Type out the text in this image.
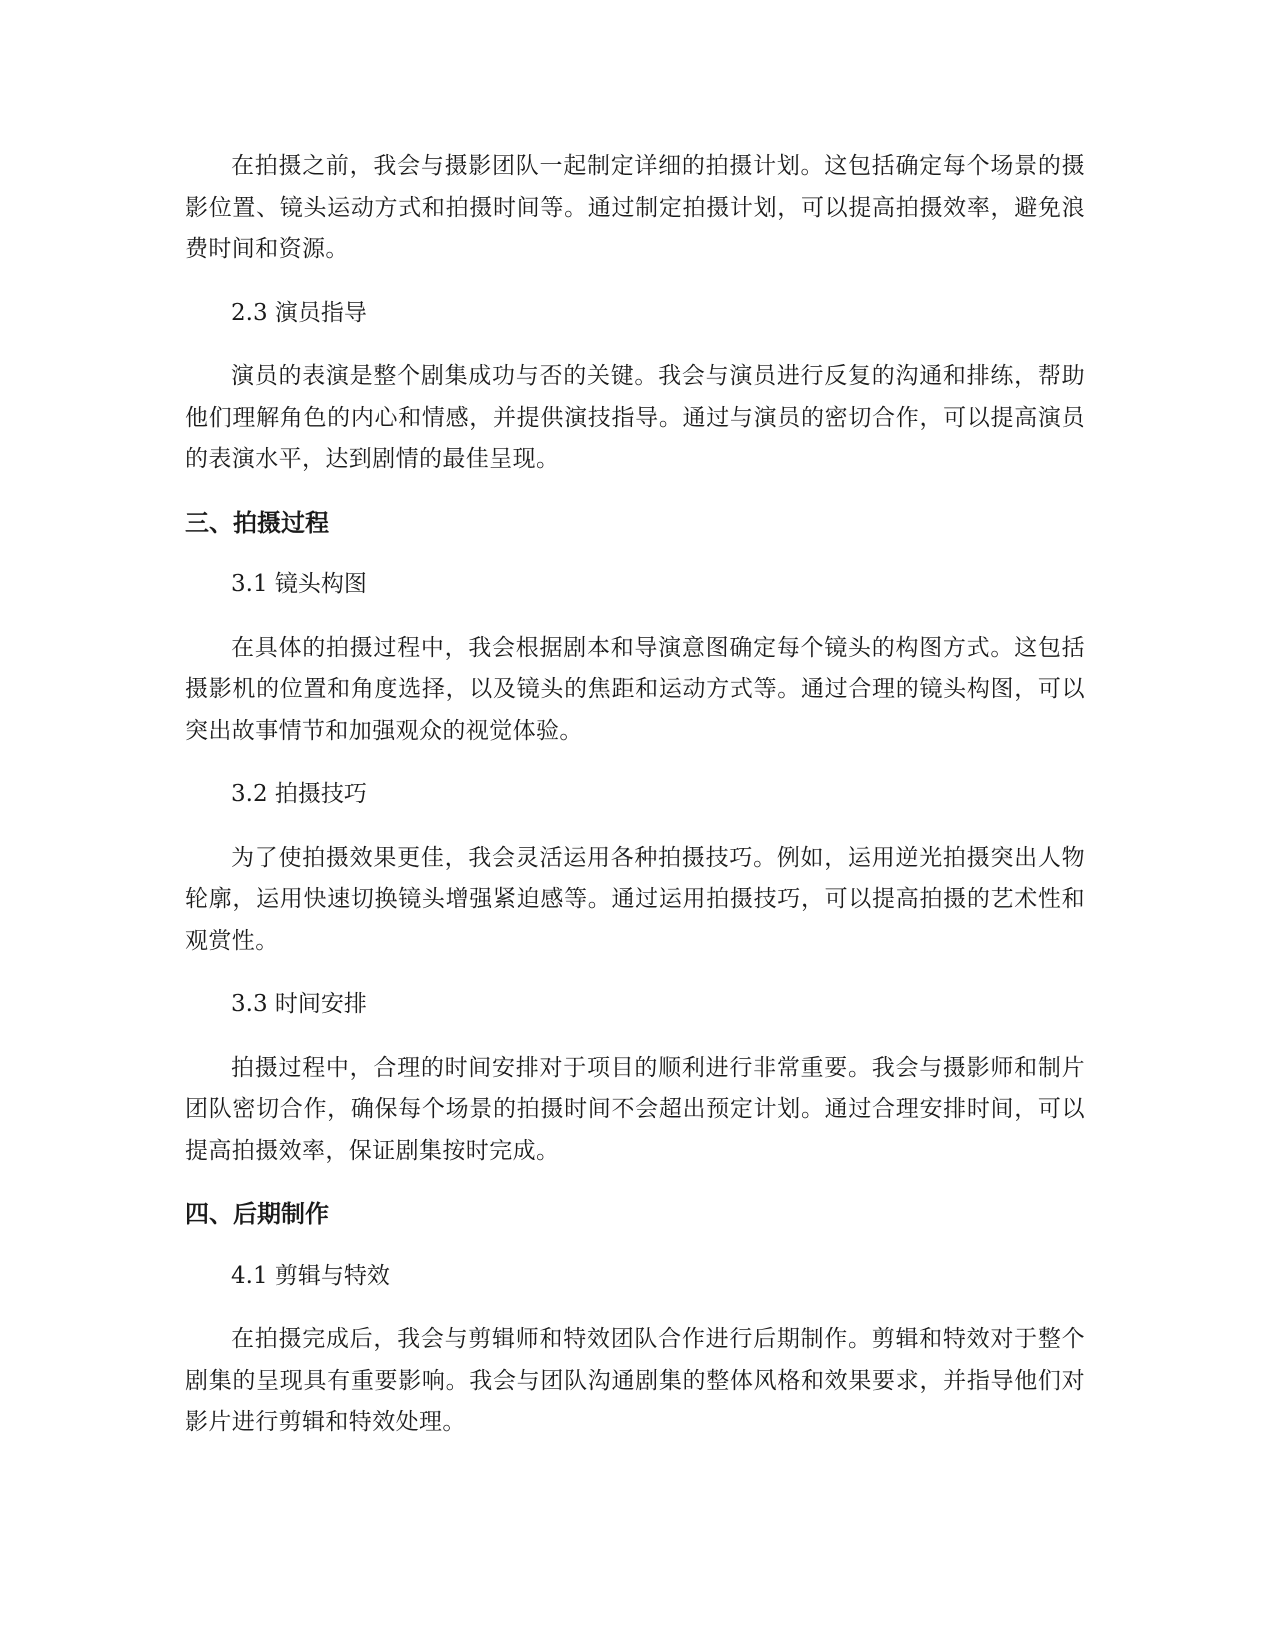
在拍摄之前，我会与摄影团队一起制定详细的拍摄计划。这包括确定每个场景的摄影位置、镜头运动方式和拍摄时间等。通过制定拍摄计划，可以提高拍摄效率，避免浪费时间和资源。

2.3 演员指导

演员的表演是整个剧集成功与否的关键。我会与演员进行反复的沟通和排练，帮助他们理解角色的内心和情感，并提供演技指导。通过与演员的密切合作，可以提高演员的表演水平，达到剧情的最佳呈现。

三、拍摄过程

3.1 镜头构图

在具体的拍摄过程中，我会根据剧本和导演意图确定每个镜头的构图方式。这包括摄影机的位置和角度选择，以及镜头的焦距和运动方式等。通过合理的镜头构图，可以突出故事情节和加强观众的视觉体验。

3.2 拍摄技巧

为了使拍摄效果更佳，我会灵活运用各种拍摄技巧。例如，运用逆光拍摄突出人物轮廓，运用快速切换镜头增强紧迫感等。通过运用拍摄技巧，可以提高拍摄的艺术性和观赏性。

3.3 时间安排

拍摄过程中，合理的时间安排对于项目的顺利进行非常重要。我会与摄影师和制片团队密切合作，确保每个场景的拍摄时间不会超出预定计划。通过合理安排时间，可以提高拍摄效率，保证剧集按时完成。

四、后期制作

4.1 剪辑与特效

在拍摄完成后，我会与剪辑师和特效团队合作进行后期制作。剪辑和特效对于整个剧集的呈现具有重要影响。我会与团队沟通剧集的整体风格和效果要求，并指导他们对影片进行剪辑和特效处理。
